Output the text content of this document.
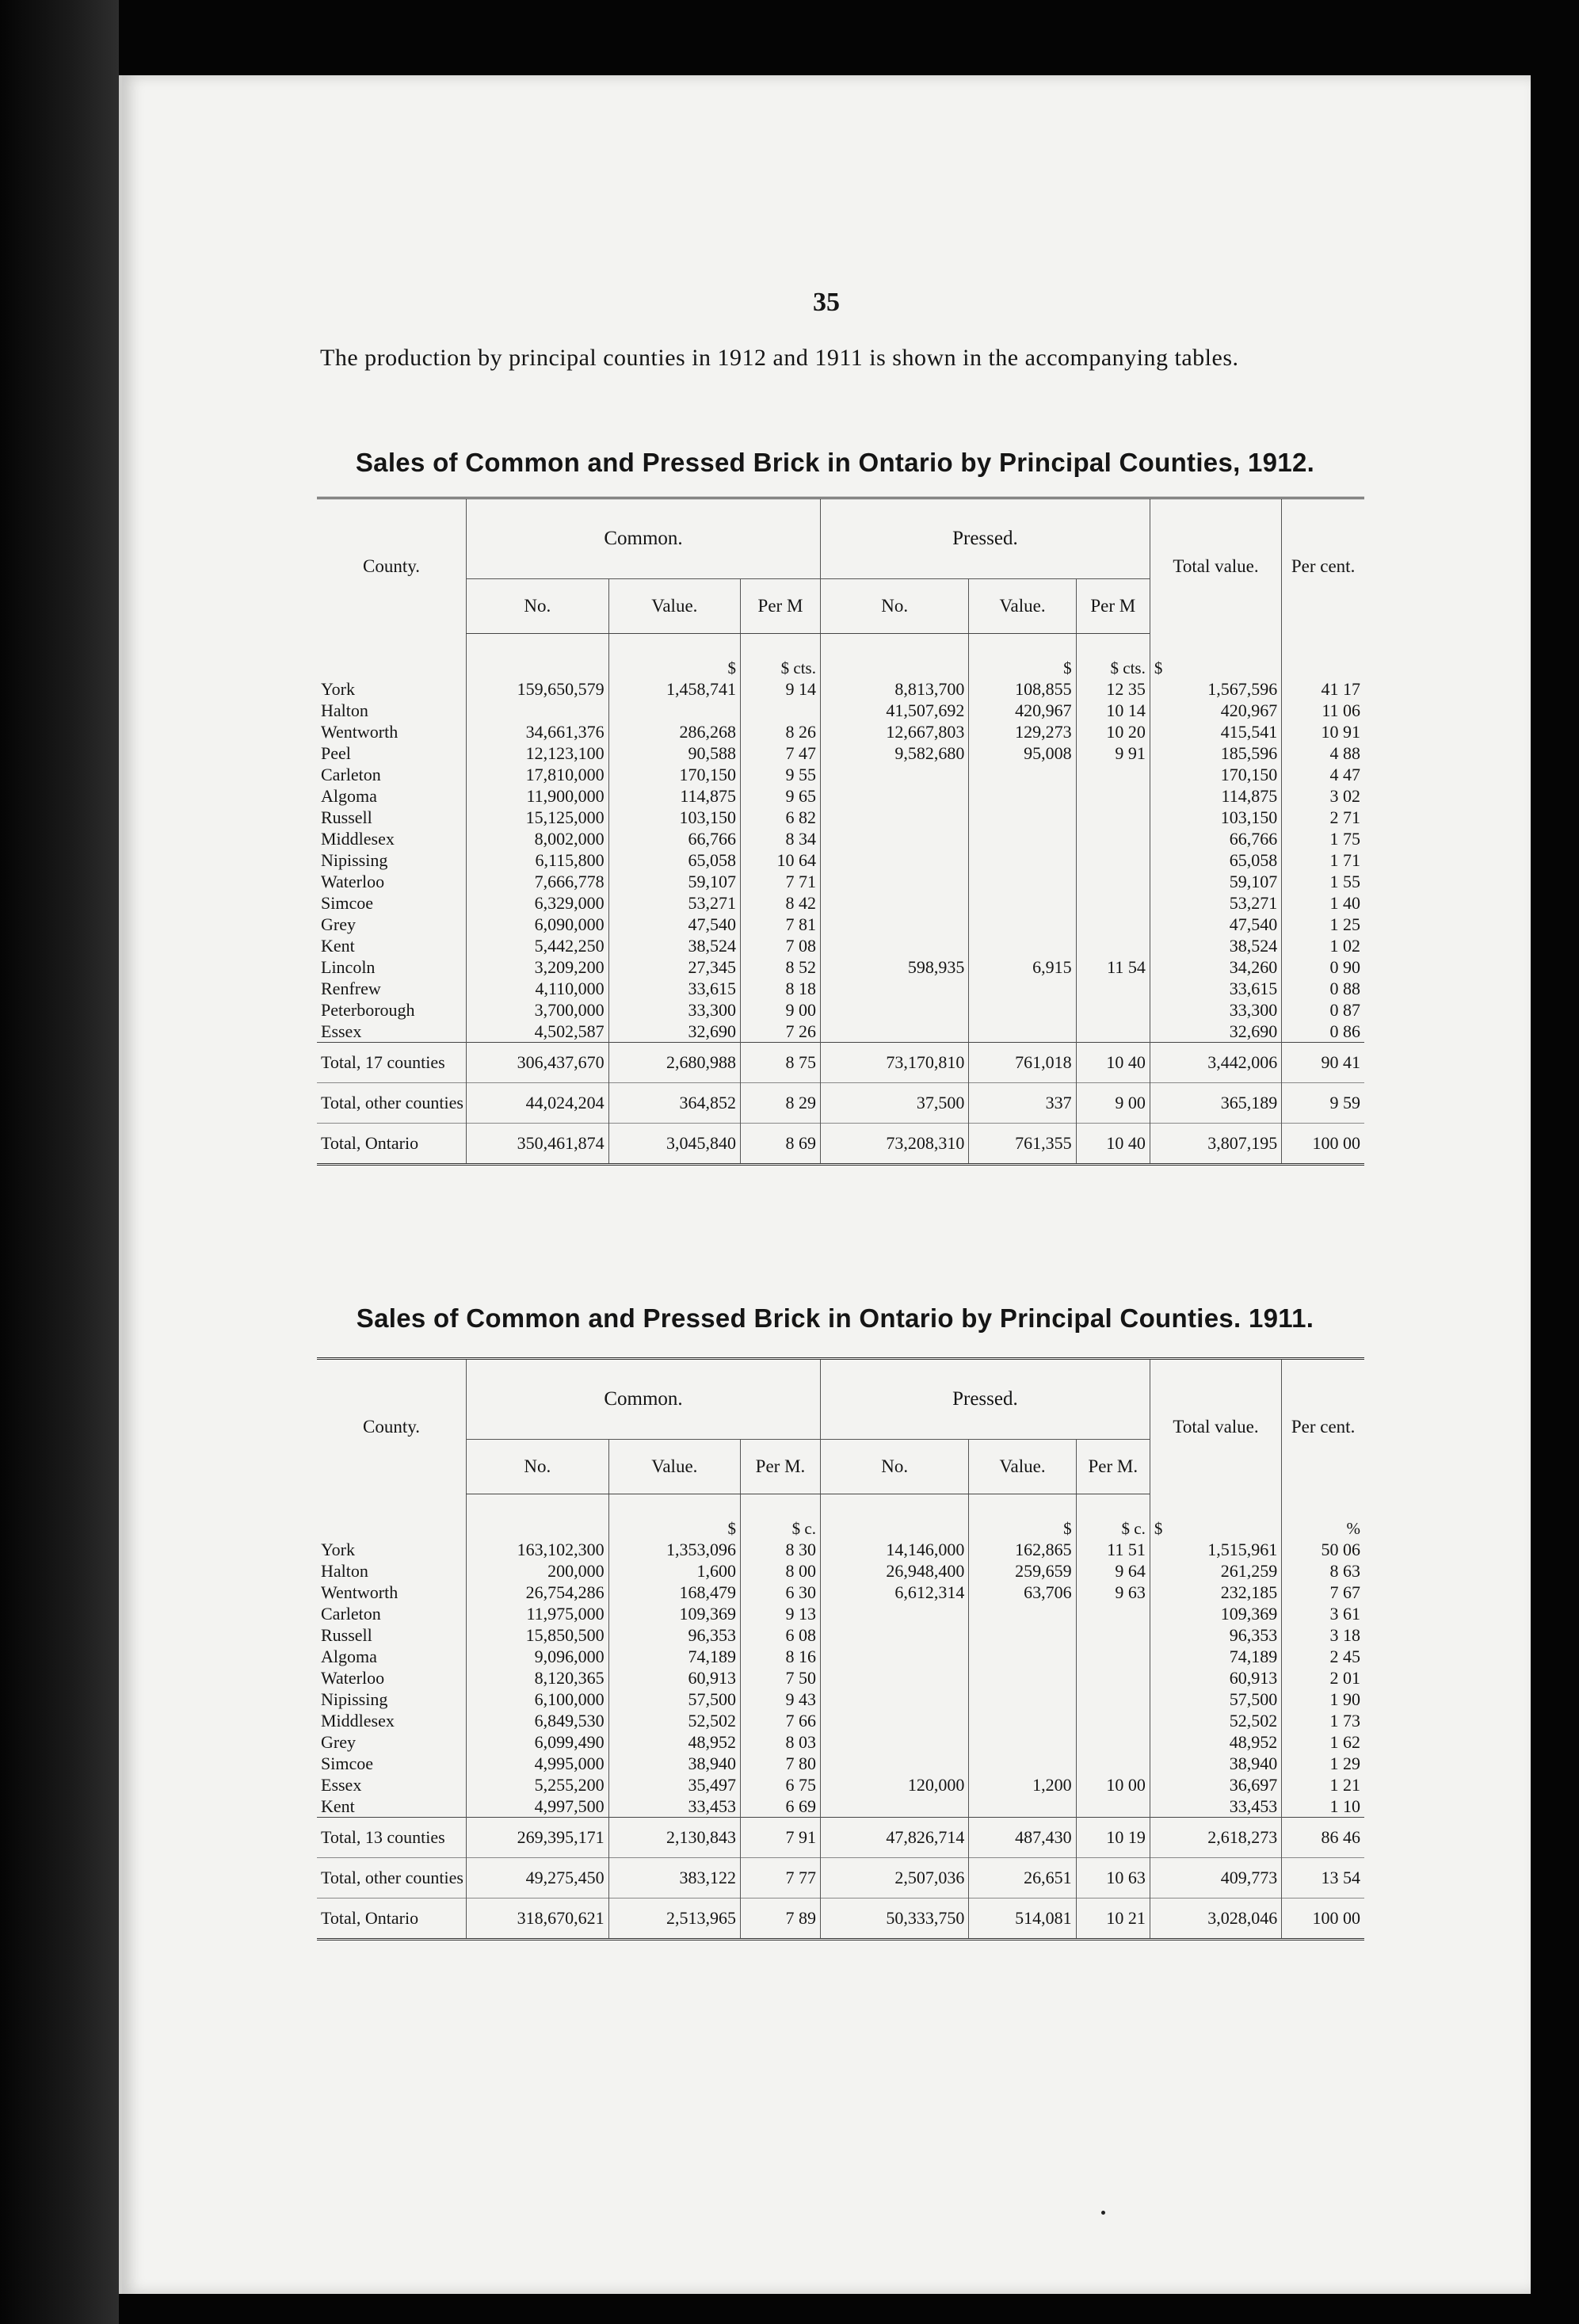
35
The production by principal counties in 1912 and 1911 is shown in the accompanying tables.
Sales of Common and Pressed Brick in Ontario by Principal Counties, 1912.
County.	Common.			Pressed.			Total value.	Per cent.
	No.	Value.	Per M	No.	Value.	Per M		
		$	$ cts.		$	$ cts.	$	
York	159,650,579	1,458,741	9 14	8,813,700	108,855	12 35	1,567,596	41 17
Halton				41,507,692	420,967	10 14	420,967	11 06
Wentworth	34,661,376	286,268	8 26	12,667,803	129,273	10 20	415,541	10 91
Peel	12,123,100	90,588	7 47	9,582,680	95,008	9 91	185,596	4 88
Carleton	17,810,000	170,150	9 55				170,150	4 47
Algoma	11,900,000	114,875	9 65				114,875	3 02
Russell	15,125,000	103,150	6 82				103,150	2 71
Middlesex	8,002,000	66,766	8 34				66,766	1 75
Nipissing	6,115,800	65,058	10 64				65,058	1 71
Waterloo	7,666,778	59,107	7 71				59,107	1 55
Simcoe	6,329,000	53,271	8 42				53,271	1 40
Grey	6,090,000	47,540	7 81				47,540	1 25
Kent	5,442,250	38,524	7 08				38,524	1 02
Lincoln	3,209,200	27,345	8 52	598,935	6,915	11 54	34,260	0 90
Renfrew	4,110,000	33,615	8 18				33,615	0 88
Peterborough	3,700,000	33,300	9 00				33,300	0 87
Essex	4,502,587	32,690	7 26				32,690	0 86
Total, 17 counties	306,437,670	2,680,988	8 75	73,170,810	761,018	10 40	3,442,006	90 41
Total, other counties	44,024,204	364,852	8 29	37,500	337	9 00	365,189	9 59
Total, Ontario	350,461,874	3,045,840	8 69	73,208,310	761,355	10 40	3,807,195	100 00
Sales of Common and Pressed Brick in Ontario by Principal Counties. 1911.
County.	Common.			Pressed.			Total value.	Per cent.
	No.	Value.	Per M.	No.	Value.	Per M.		
		$	$ c.		$	$ c.	$	%
York	163,102,300	1,353,096	8 30	14,146,000	162,865	11 51	1,515,961	50 06
Halton	200,000	1,600	8 00	26,948,400	259,659	9 64	261,259	8 63
Wentworth	26,754,286	168,479	6 30	6,612,314	63,706	9 63	232,185	7 67
Carleton	11,975,000	109,369	9 13				109,369	3 61
Russell	15,850,500	96,353	6 08				96,353	3 18
Algoma	9,096,000	74,189	8 16				74,189	2 45
Waterloo	8,120,365	60,913	7 50				60,913	2 01
Nipissing	6,100,000	57,500	9 43				57,500	1 90
Middlesex	6,849,530	52,502	7 66				52,502	1 73
Grey	6,099,490	48,952	8 03				48,952	1 62
Simcoe	4,995,000	38,940	7 80				38,940	1 29
Essex	5,255,200	35,497	6 75	120,000	1,200	10 00	36,697	1 21
Kent	4,997,500	33,453	6 69				33,453	1 10
Total, 13 counties	269,395,171	2,130,843	7 91	47,826,714	487,430	10 19	2,618,273	86 46
Total, other counties	49,275,450	383,122	7 77	2,507,036	26,651	10 63	409,773	13 54
Total, Ontario	318,670,621	2,513,965	7 89	50,333,750	514,081	10 21	3,028,046	100 00
